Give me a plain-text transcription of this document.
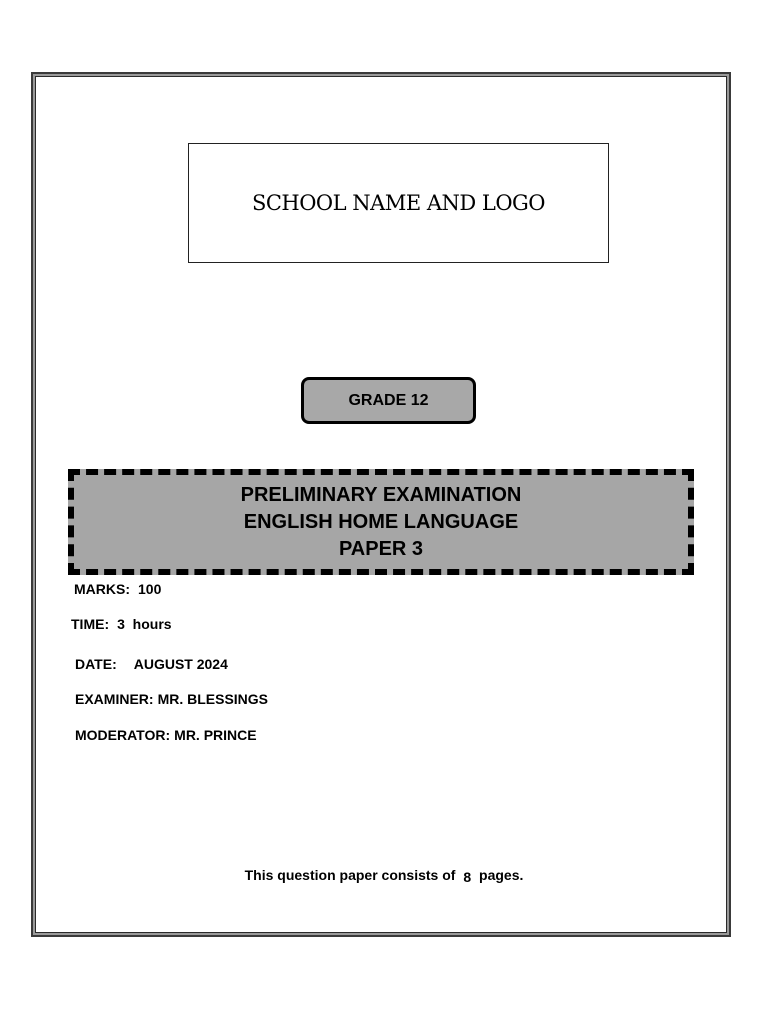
SCHOOL NAME AND LOGO
GRADE 12
PRELIMINARY EXAMINATION
ENGLISH HOME LANGUAGE
PAPER 3
MARKS: 100
TIME: 3  hours
DATE: AUGUST 2024
EXAMINER: MR. BLESSINGS
MODERATOR: MR. PRINCE
This question paper consists of 8 pages.
